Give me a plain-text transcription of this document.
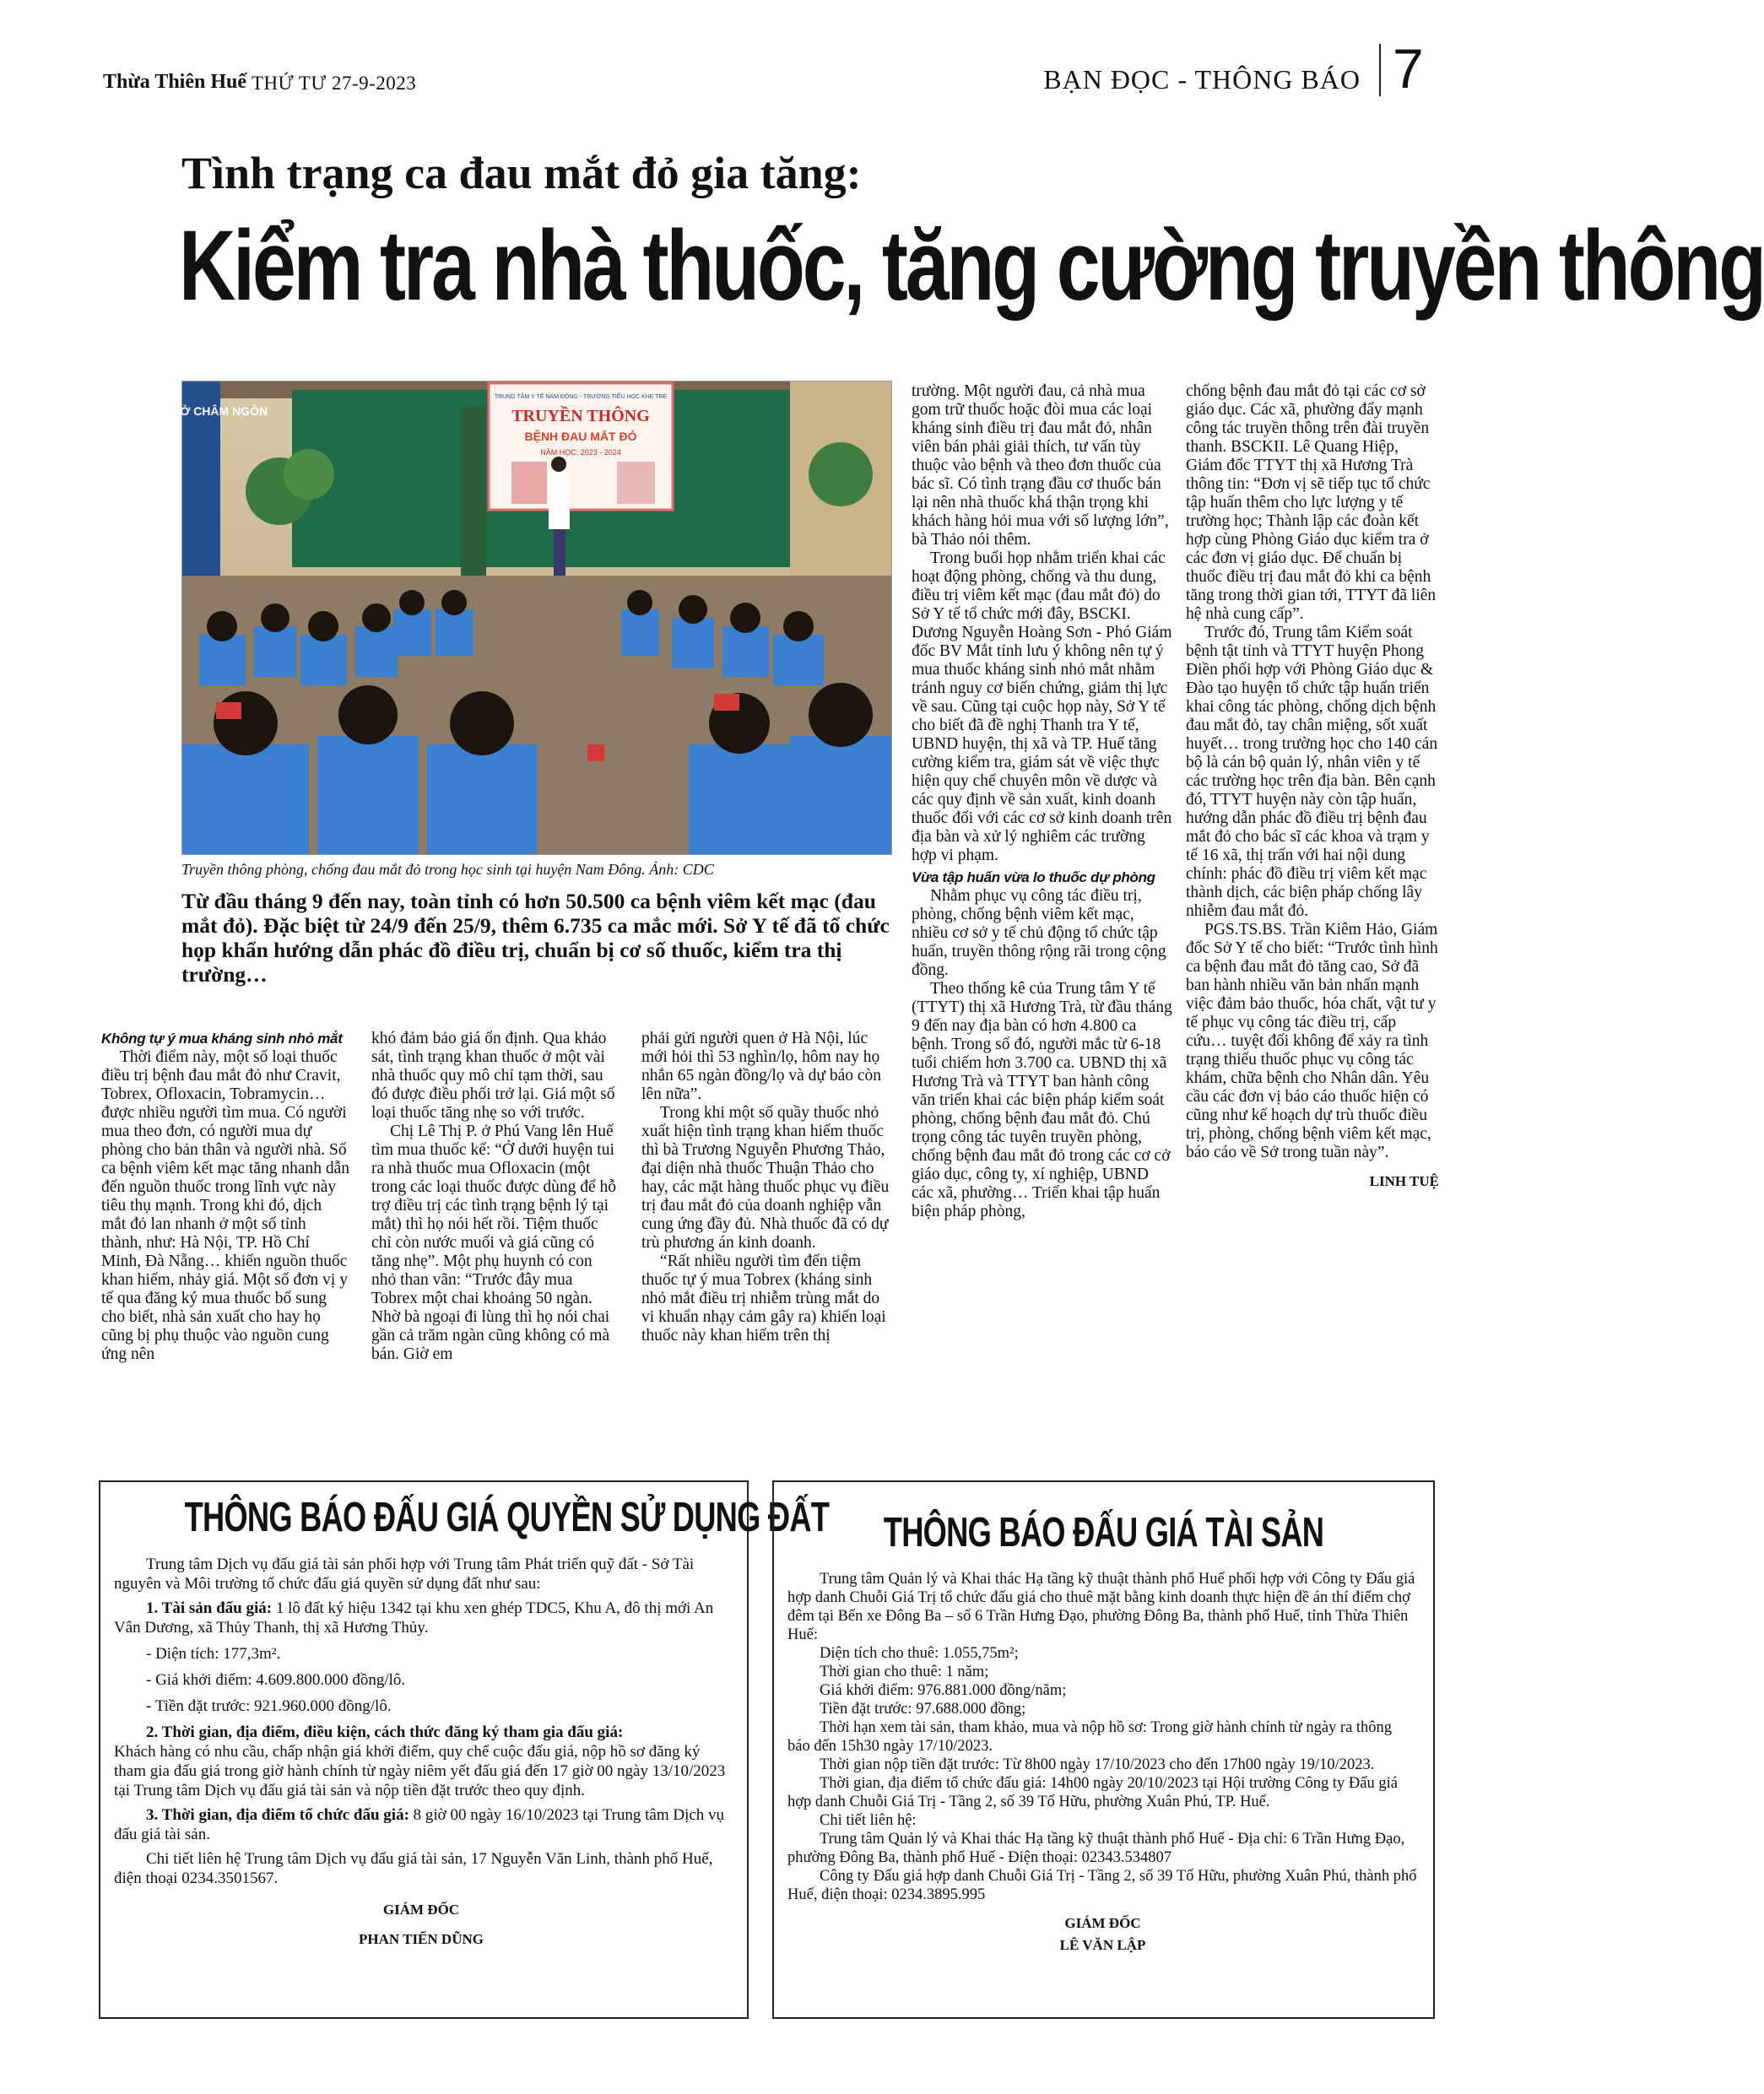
Thừa Thiên Huế THỨ TƯ 27-9-2023	BẠN ĐỌC - THÔNG BÁO 7
Tình trạng ca đau mắt đỏ gia tăng:
Kiểm tra nhà thuốc, tăng cường truyền thông
MỤC TRỞ CHÂM NGÔN
TRUNG TÂM Y TẾ NAM ĐÔNG - TRƯỜNG TIỂU HỌC KHE TRE
TRUYỀN THÔNG
BỆNH ĐAU MẮT ĐỎ
NĂM HỌC: 2023 - 2024
Truyền thông phòng, chống đau mắt đỏ trong học sinh tại huyện Nam Đông. Ảnh: CDC
Từ đầu tháng 9 đến nay, toàn tỉnh có hơn 50.500 ca bệnh viêm kết mạc (đau mắt đỏ). Đặc biệt từ 24/9 đến 25/9, thêm 6.735 ca mắc mới. Sở Y tế đã tổ chức họp khẩn hướng dẫn phác đồ điều trị, chuẩn bị cơ số thuốc, kiểm tra thị trường…
Không tự ý mua kháng sinh nhỏ mắt

Thời điểm này, một số loại thuốc điều trị bệnh đau mắt đỏ như Cravit, Tobrex, Ofloxacin, Tobramycin… được nhiều người tìm mua. Có người mua theo đơn, có người mua dự phòng cho bản thân và người nhà. Số ca bệnh viêm kết mạc tăng nhanh dẫn đến nguồn thuốc trong lĩnh vực này tiêu thụ mạnh. Trong khi đó, dịch mắt đỏ lan nhanh ở một số tỉnh thành, như: Hà Nội, TP. Hồ Chí Minh, Đà Nẵng… khiến nguồn thuốc khan hiếm, nhảy giá. Một số đơn vị y tế qua đăng ký mua thuốc bổ sung cho biết, nhà sản xuất cho hay họ cũng bị phụ thuộc vào nguồn cung ứng nên

khó đảm bảo giá ổn định. Qua khảo sát, tình trạng khan thuốc ở một vài nhà thuốc quy mô chỉ tạm thời, sau đó được điều phối trở lại. Giá một số loại thuốc tăng nhẹ so với trước.

Chị Lê Thị P. ở Phú Vang lên Huế tìm mua thuốc kể: “Ở dưới huyện tui ra nhà thuốc mua Ofloxacin (một trong các loại thuốc được dùng để hỗ trợ điều trị các tình trạng bệnh lý tại mắt) thì họ nói hết rồi. Tiệm thuốc chỉ còn nước muối và giá cũng có tăng nhẹ”. Một phụ huynh có con nhỏ than vãn: “Trước đây mua Tobrex một chai khoảng 50 ngàn. Nhờ bà ngoại đi lùng thì họ nói chai gần cả trăm ngàn cũng không có mà bán. Giờ em

phải gửi người quen ở Hà Nội, lúc mới hỏi thì 53 nghìn/lọ, hôm nay họ nhắn 65 ngàn đồng/lọ và dự báo còn lên nữa”.

Trong khi một số quầy thuốc nhỏ xuất hiện tình trạng khan hiếm thuốc thì bà Trương Nguyễn Phương Thảo, đại diện nhà thuốc Thuận Thảo cho hay, các mặt hàng thuốc phục vụ điều trị đau mắt đỏ của doanh nghiệp vẫn cung ứng đầy đủ. Nhà thuốc đã có dự trù phương án kinh doanh.

“Rất nhiều người tìm đến tiệm thuốc tự ý mua Tobrex (kháng sinh nhỏ mắt điều trị nhiễm trùng mắt do vi khuẩn nhạy cảm gây ra) khiến loại thuốc này khan hiếm trên thị

trường. Một người đau, cả nhà mua gom trữ thuốc hoặc đòi mua các loại kháng sinh điều trị đau mắt đỏ, nhân viên bán phải giải thích, tư vấn tùy thuộc vào bệnh và theo đơn thuốc của bác sĩ. Có tình trạng đầu cơ thuốc bán lại nên nhà thuốc khá thận trọng khi khách hàng hỏi mua với số lượng lớn”, bà Thảo nói thêm.

Trong buổi họp nhằm triển khai các hoạt động phòng, chống và thu dung, điều trị viêm kết mạc (đau mắt đỏ) do Sở Y tế tổ chức mới đây, BSCKI. Dương Nguyễn Hoàng Sơn - Phó Giám đốc BV Mắt tỉnh lưu ý không nên tự ý mua thuốc kháng sinh nhỏ mắt nhằm tránh nguy cơ biến chứng, giảm thị lực về sau. Cũng tại cuộc họp này, Sở Y tế cho biết đã đề nghị Thanh tra Y tế, UBND huyện, thị xã và TP. Huế tăng cường kiểm tra, giám sát về việc thực hiện quy chế chuyên môn về dược và các quy định về sản xuất, kinh doanh thuốc đối với các cơ sở kinh doanh trên địa bàn và xử lý nghiêm các trường hợp vi phạm.

Vừa tập huấn vừa lo thuốc dự phòng

Nhằm phục vụ công tác điều trị, phòng, chống bệnh viêm kết mạc, nhiều cơ sở y tế chủ động tổ chức tập huấn, truyền thông rộng rãi trong cộng đồng.

Theo thống kê của Trung tâm Y tế (TTYT) thị xã Hương Trà, từ đầu tháng 9 đến nay địa bàn có hơn 4.800 ca bệnh. Trong số đó, người mắc từ 6-18 tuổi chiếm hơn 3.700 ca. UBND thị xã Hương Trà và TTYT ban hành công văn triển khai các biện pháp kiểm soát phòng, chống bệnh đau mắt đỏ. Chú trọng công tác tuyên truyền phòng, chống bệnh đau mắt đỏ trong các cơ cở giáo dục, công ty, xí nghiệp, UBND các xã, phường… Triển khai tập huấn biện pháp phòng,

chống bệnh đau mắt đỏ tại các cơ sở giáo dục. Các xã, phường đẩy mạnh công tác truyền thông trên đài truyền thanh. BSCKII. Lê Quang Hiệp, Giám đốc TTYT thị xã Hương Trà thông tin: “Đơn vị sẽ tiếp tục tổ chức tập huấn thêm cho lực lượng y tế trường học; Thành lập các đoàn kết hợp cùng Phòng Giáo dục kiểm tra ở các đơn vị giáo dục. Để chuẩn bị thuốc điều trị đau mắt đỏ khi ca bệnh tăng trong thời gian tới, TTYT đã liên hệ nhà cung cấp”.

Trước đó, Trung tâm Kiểm soát bệnh tật tỉnh và TTYT huyện Phong Điền phối hợp với Phòng Giáo dục & Đào tạo huyện tổ chức tập huấn triển khai công tác phòng, chống dịch bệnh đau mắt đỏ, tay chân miệng, sốt xuất huyết… trong trường học cho 140 cán bộ là cán bộ quản lý, nhân viên y tế các trường học trên địa bàn. Bên cạnh đó, TTYT huyện này còn tập huấn, hướng dẫn phác đồ điều trị bệnh đau mắt đỏ cho bác sĩ các khoa và trạm y tế 16 xã, thị trấn với hai nội dung chính: phác đồ điều trị viêm kết mạc thành dịch, các biện pháp chống lây nhiễm đau mắt đỏ.

PGS.TS.BS. Trần Kiêm Hảo, Giám đốc Sở Y tế cho biết: “Trước tình hình ca bệnh đau mắt đỏ tăng cao, Sở đã ban hành nhiều văn bản nhấn mạnh việc đảm bảo thuốc, hóa chất, vật tư y tế phục vụ công tác điều trị, cấp cứu… tuyệt đối không để xảy ra tình trạng thiếu thuốc phục vụ công tác khám, chữa bệnh cho Nhân dân. Yêu cầu các đơn vị báo cáo thuốc hiện có cũng như kế hoạch dự trù thuốc điều trị, phòng, chống bệnh viêm kết mạc, báo cáo về Sở trong tuần này”.

LINH TUỆ
THÔNG BÁO ĐẤU GIÁ QUYỀN SỬ DỤNG ĐẤT

Trung tâm Dịch vụ đấu giá tài sản phối hợp với Trung tâm Phát triển quỹ đất - Sở Tài nguyên và Môi trường tổ chức đấu giá quyền sử dụng đất như sau:

1. Tài sản đấu giá: 1 lô đất ký hiệu 1342 tại khu xen ghép TDC5, Khu A, đô thị mới An Vân Dương, xã Thủy Thanh, thị xã Hương Thủy.

- Diện tích: 177,3m².

- Giá khởi điểm: 4.609.800.000 đồng/lô.

- Tiền đặt trước: 921.960.000 đồng/lô.

2. Thời gian, địa điểm, điều kiện, cách thức đăng ký tham gia đấu giá:

Khách hàng có nhu cầu, chấp nhận giá khởi điểm, quy chế cuộc đấu giá, nộp hồ sơ đăng ký tham gia đấu giá trong giờ hành chính từ ngày niêm yết đấu giá đến 17 giờ 00 ngày 13/10/2023 tại Trung tâm Dịch vụ đấu giá tài sản và nộp tiền đặt trước theo quy định.

3. Thời gian, địa điểm tổ chức đấu giá: 8 giờ 00 ngày 16/10/2023 tại Trung tâm Dịch vụ đấu giá tài sản.

Chi tiết liên hệ Trung tâm Dịch vụ đấu giá tài sản, 17 Nguyễn Văn Linh, thành phố Huế, điện thoại 0234.3501567.

GIÁM ĐỐC
PHAN TIẾN DŨNG
THÔNG BÁO ĐẤU GIÁ TÀI SẢN

Trung tâm Quản lý và Khai thác Hạ tầng kỹ thuật thành phố Huế phối hợp với Công ty Đấu giá hợp danh Chuỗi Giá Trị tổ chức đấu giá cho thuê mặt bằng kinh doanh thực hiện đề án thí điểm chợ đêm tại Bến xe Đông Ba – số 6 Trần Hưng Đạo, phường Đông Ba, thành phố Huế, tỉnh Thừa Thiên Huế:

Diện tích cho thuê: 1.055,75m²;

Thời gian cho thuê: 1 năm;

Giá khởi điểm: 976.881.000 đồng/năm;

Tiền đặt trước: 97.688.000 đồng;

Thời hạn xem tài sản, tham khảo, mua và nộp hồ sơ: Trong giờ hành chính từ ngày ra thông báo đến 15h30 ngày 17/10/2023.

Thời gian nộp tiền đặt trước: Từ 8h00 ngày 17/10/2023 cho đến 17h00 ngày 19/10/2023.

Thời gian, địa điểm tổ chức đấu giá: 14h00 ngày 20/10/2023 tại Hội trường Công ty Đấu giá hợp danh Chuỗi Giá Trị - Tầng 2, số 39 Tố Hữu, phường Xuân Phú, TP. Huế.

Chi tiết liên hệ:

Trung tâm Quản lý và Khai thác Hạ tầng kỹ thuật thành phố Huế - Địa chỉ: 6 Trần Hưng Đạo, phường Đông Ba, thành phố Huế - Điện thoại: 02343.534807

Công ty Đấu giá hợp danh Chuỗi Giá Trị - Tầng 2, số 39 Tố Hữu, phường Xuân Phú, thành phố Huế, điện thoại: 0234.3895.995

GIÁM ĐỐC
LÊ VĂN LẬP
